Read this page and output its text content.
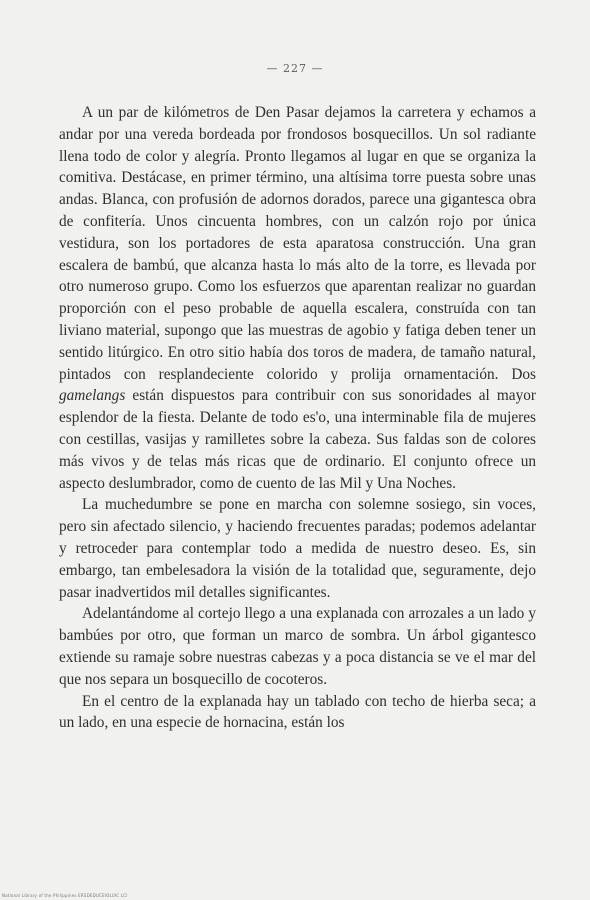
— 227 —

A un par de kilómetros de Den Pasar dejamos la carretera y echamos a andar por una vereda bordeada por frondosos bosquecillos. Un sol radiante llena todo de color y alegría. Pronto llegamos al lugar en que se organiza la comitiva. Destácase, en primer término, una altísima torre puesta sobre unas andas. Blanca, con profusión de adornos dorados, parece una gigantesca obra de confitería. Unos cincuenta hombres, con un calzón rojo por única vestidura, son los portadores de esta aparatosa construcción. Una gran escalera de bambú, que alcanza hasta lo más alto de la torre, es llevada por otro numeroso grupo. Como los esfuerzos que aparentan realizar no guardan proporción con el peso probable de aquella escalera, construída con tan liviano material, supongo que las muestras de agobio y fatiga deben tener un sentido litúrgico. En otro sitio había dos toros de madera, de tamaño natural, pintados con resplandeciente colorido y prolija ornamentación. Dos gamelangs están dispuestos para contribuir con sus sonoridades al mayor esplendor de la fiesta. Delante de todo es'o, una interminable fila de mujeres con cestillas, vasijas y ramilletes sobre la cabeza. Sus faldas son de colores más vivos y de telas más ricas que de ordinario. El conjunto ofrece un aspecto deslumbrador, como de cuento de las Mil y Una Noches.

La muchedumbre se pone en marcha con solemne sosiego, sin voces, pero sin afectado silencio, y haciendo frecuentes paradas; podemos adelantar y retroceder para contemplar todo a medida de nuestro deseo. Es, sin embargo, tan embelesadora la visión de la totalidad que, seguramente, dejo pasar inadvertidos mil detalles significantes.

Adelantándome al cortejo llego a una explanada con arrozales a un lado y bambúes por otro, que forman un marco de sombra. Un árbol gigantesco extiende su ramaje sobre nuestras cabezas y a poca distancia se ve el mar del que nos separa un bosquecillo de cocoteros.

En el centro de la explanada hay un tablado con techo de hierba seca; a un lado, en una especie de hornacina, están los

National Library of the Philippines ERSDEDUCEIOLUIC LCI
